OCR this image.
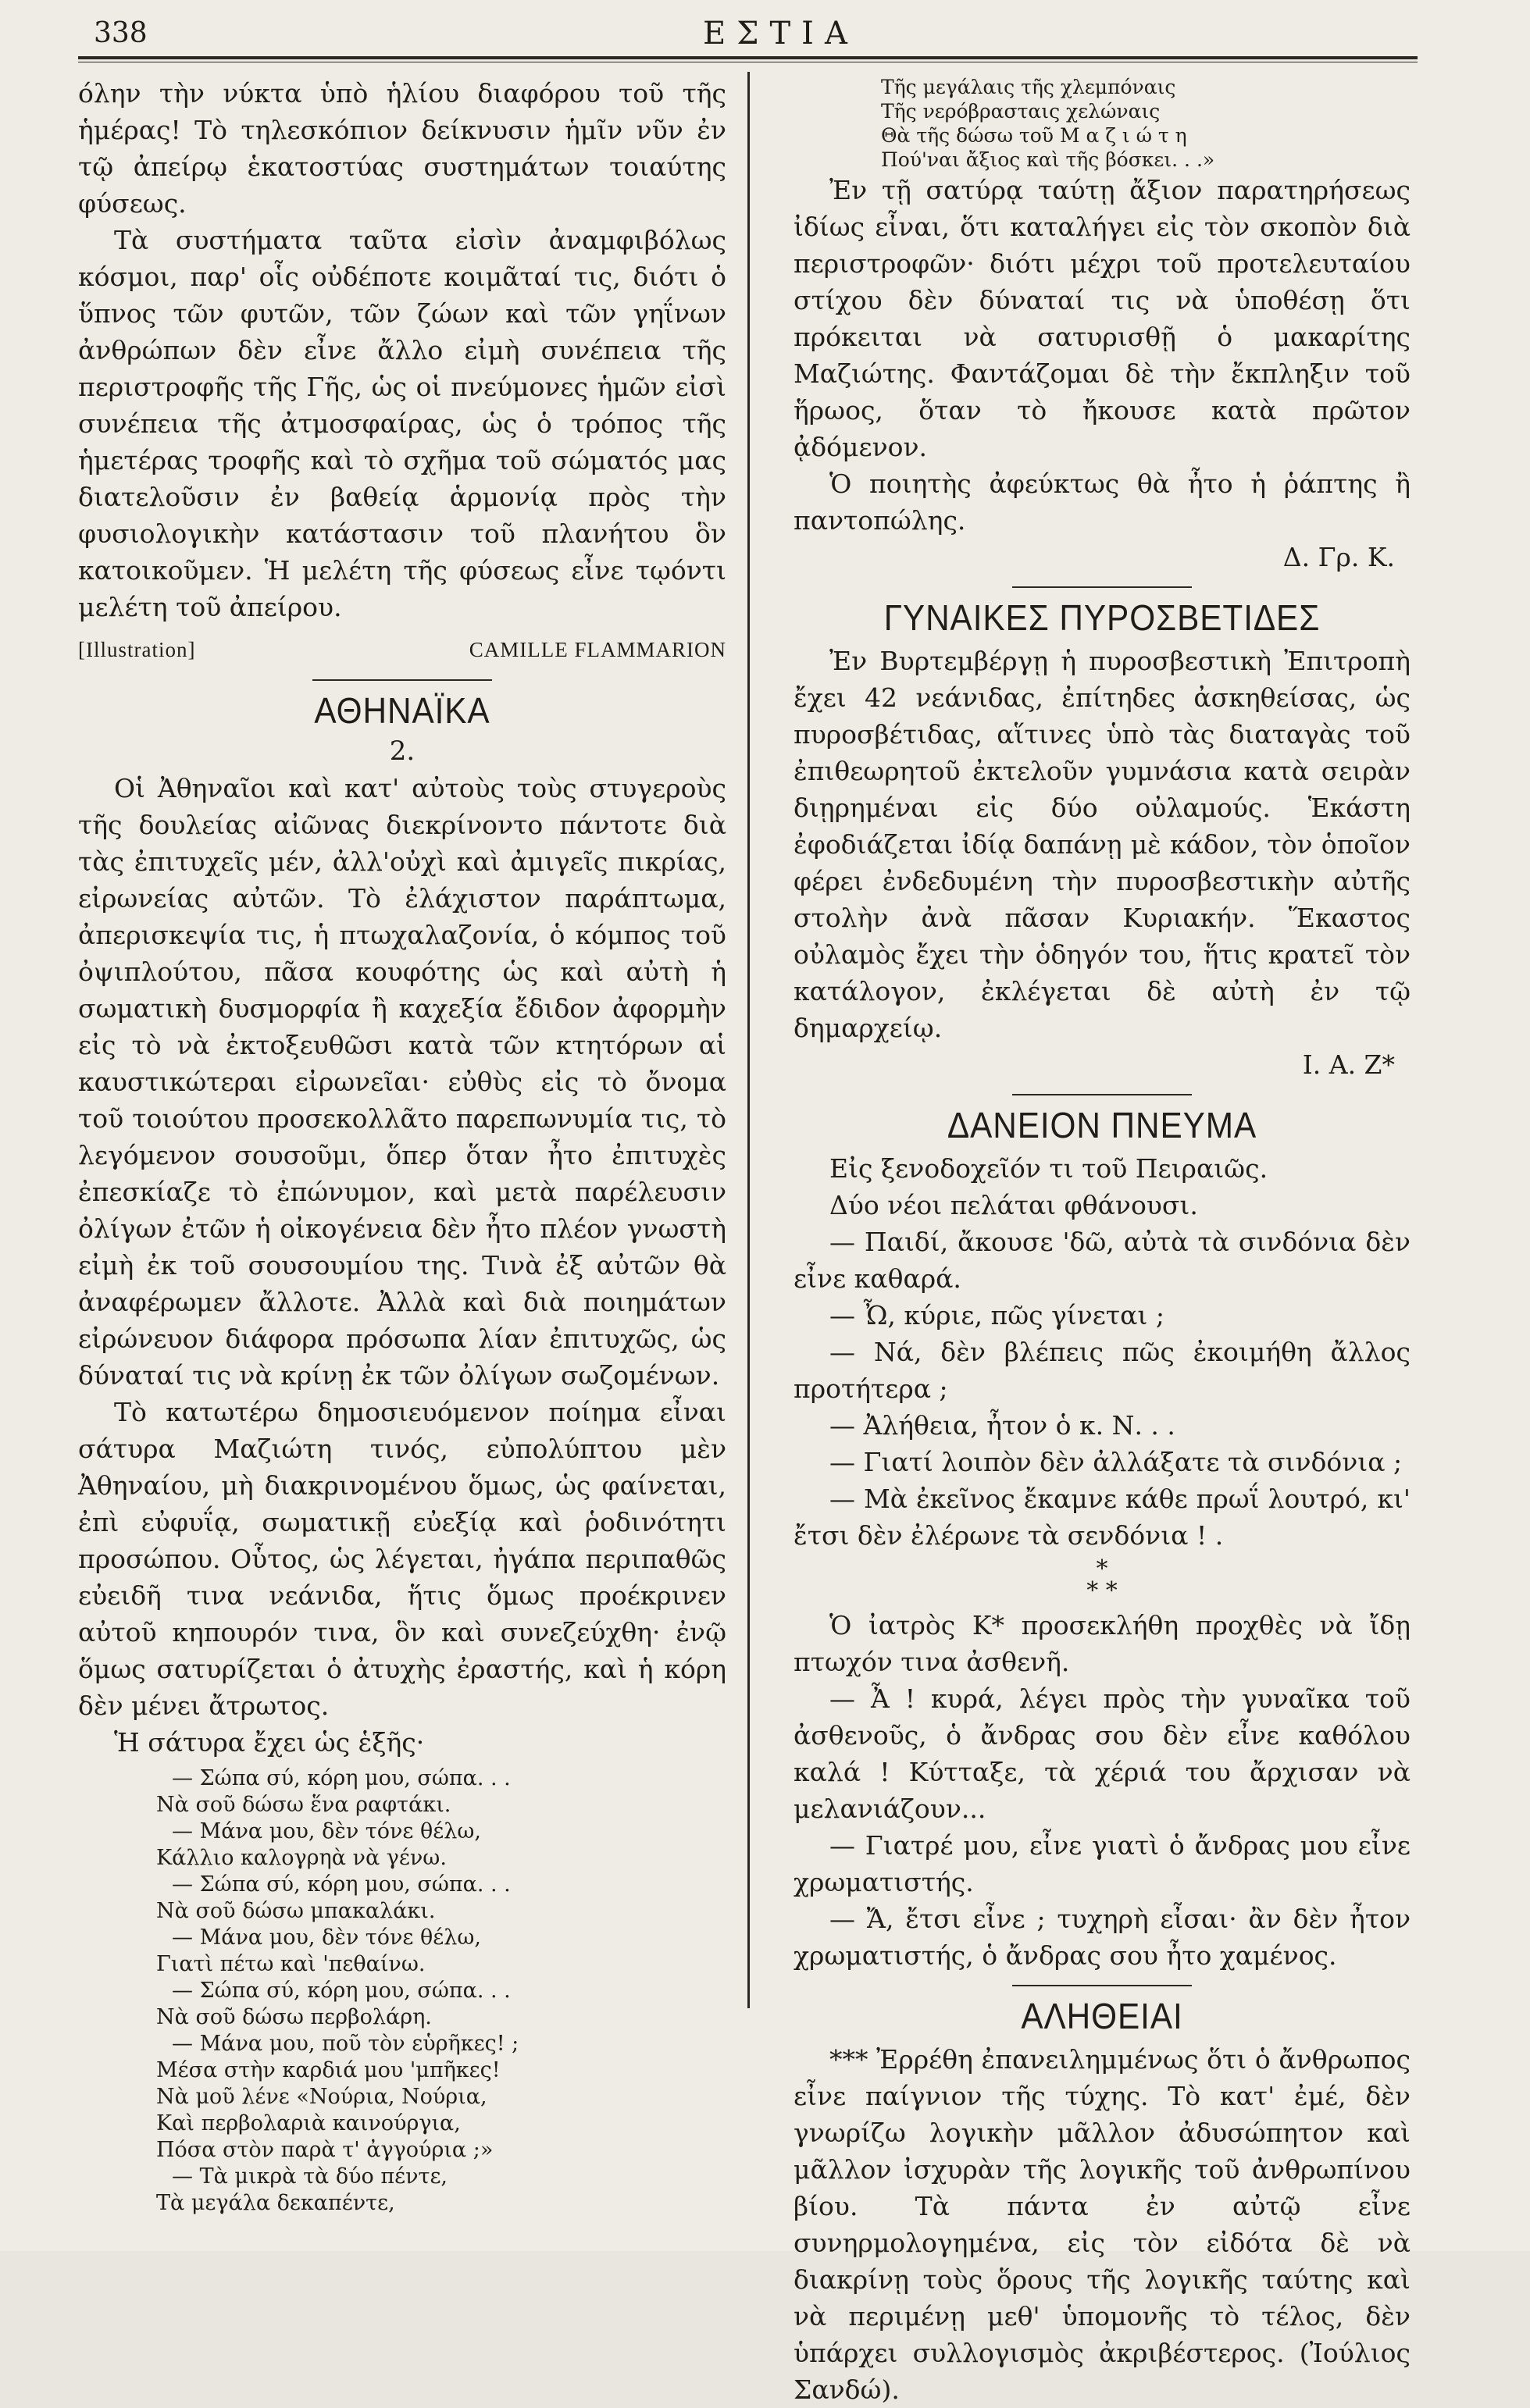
338	ΕΣΤΙΑ

όλην τὴν νύκτα ὑπὸ ἡλίου διαφόρου τοῦ τῆς ἡμέρας! Τὸ τηλεσκόπιον δείκνυσιν ἡμῖν νῦν ἐν τῷ ἀπείρῳ ἑκατοστύας συστημάτων τοιαύτης φύσεως.

Τὰ συστήματα ταῦτα εἰσὶν ἀναμφιβόλως κόσμοι, παρ' οἷς οὐδέποτε κοιμᾶταί τις, διότι ὁ ὕπνος τῶν φυτῶν, τῶν ζώων καὶ τῶν γηΐνων ἀνθρώπων δὲν εἶνε ἄλλο εἰμὴ συνέπεια τῆς περιστροφῆς τῆς Γῆς, ὡς οἱ πνεύμονες ἡμῶν εἰσὶ συνέπεια τῆς ἀτμοσφαίρας, ὡς ὁ τρόπος τῆς ἡμετέρας τροφῆς καὶ τὸ σχῆμα τοῦ σώματός μας διατελοῦσιν ἐν βαθείᾳ ἁρμονίᾳ πρὸς τὴν φυσιολογικὴν κατάστασιν τοῦ πλανήτου ὃν κατοικοῦμεν. Ἡ μελέτη τῆς φύσεως εἶνε τῳόντι μελέτη τοῦ ἀπείρου.

[Illustration]	CAMILLE FLAMMARION
ΑΘΗΝΑΪΚΑ
2.

Οἱ Ἀθηναῖοι καὶ κατ' αὐτοὺς τοὺς στυγεροὺς τῆς δουλείας αἰῶνας διεκρίνοντο πάντοτε διὰ τὰς ἐπιτυχεῖς μέν, ἀλλ'οὐχὶ καὶ ἀμιγεῖς πικρίας, εἰρωνείας αὐτῶν. Τὸ ἐλάχιστον παράπτωμα, ἀπερισκεψία τις, ἡ πτωχαλαζονία, ὁ κόμπος τοῦ ὀψιπλούτου, πᾶσα κουφότης ὡς καὶ αὐτὴ ἡ σωματικὴ δυσμορφία ἢ καχεξία ἔδιδον ἀφορμὴν εἰς τὸ νὰ ἐκτοξευθῶσι κατὰ τῶν κτητόρων αἱ καυστικώτεραι εἰρωνεῖαι· εὐθὺς εἰς τὸ ὄνομα τοῦ τοιούτου προσεκολλᾶτο παρεπωνυμία τις, τὸ λεγόμενον σουσοῦμι, ὅπερ ὅταν ἦτο ἐπιτυχὲς ἐπεσκίαζε τὸ ἐπώνυμον, καὶ μετὰ παρέλευσιν ὀλίγων ἐτῶν ἡ οἰκογένεια δὲν ἦτο πλέον γνωστὴ εἰμὴ ἐκ τοῦ σουσουμίου της. Τινὰ ἐξ αὐτῶν θὰ ἀναφέρωμεν ἄλλοτε. Ἀλλὰ καὶ διὰ ποιημάτων εἰρώνευον διάφορα πρόσωπα λίαν ἐπιτυχῶς, ὡς δύναταί τις νὰ κρίνῃ ἐκ τῶν ὀλίγων σωζομένων.

Τὸ κατωτέρω δημοσιευόμενον ποίημα εἶναι σάτυρα Μαζιώτη τινός, εὐπολύπτου μὲν Ἀθηναίου, μὴ διακρινομένου ὅμως, ὡς φαίνεται, ἐπὶ εὐφυΐᾳ, σωματικῇ εὐεξίᾳ καὶ ῥοδινότητι προσώπου. Οὗτος, ὡς λέγεται, ἠγάπα περιπαθῶς εὐειδῆ τινα νεάνιδα, ἥτις ὅμως προέκρινεν αὐτοῦ κηπουρόν τινα, ὃν καὶ συνεζεύχθη· ἐνῷ ὅμως σατυρίζεται ὁ ἀτυχὴς ἐραστής, καὶ ἡ κόρη δὲν μένει ἄτρωτος.

Ἡ σάτυρα ἔχει ὡς ἑξῆς·

— Σώπα σύ, κόρη μου, σώπα. . .
Νὰ σοῦ δώσω ἕνα ραφτάκι.
— Μάνα μου, δὲν τόνε θέλω,
Κάλλιο καλογρηὰ νὰ γένω.
— Σώπα σύ, κόρη μου, σώπα. . .
Νὰ σοῦ δώσω μπακαλάκι.
— Μάνα μου, δὲν τόνε θέλω,
Γιατὶ πέτω καὶ 'πεθαίνω.
— Σώπα σύ, κόρη μου, σώπα. . .
Νὰ σοῦ δώσω περβολάρη.
— Μάνα μου, ποῦ τὸν εὑρῆκες! ;
Μέσα στὴν καρδιά μου 'μπῆκες!
Νὰ μοῦ λένε «Νούρια, Νούρια,
Καὶ περβολαριὰ καινούργια,
Πόσα στὸν παρὰ τ' ἀγγούρια ;»
— Τὰ μικρὰ τὰ δύο πέντε,
Τὰ μεγάλα δεκαπέντε,
Τῆς μεγάλαις τῆς χλεμπόναις
Τῆς νερόβρασταις χελώναις
Θὰ τῆς δώσω τοῦ Μ α ζ ι ώ τ η
Πού'ναι ἄξιος καὶ τῆς βόσκει. . .»

Ἐν τῇ σατύρᾳ ταύτῃ ἄξιον παρατηρήσεως ἰδίως εἶναι, ὅτι καταλήγει εἰς τὸν σκοπὸν διὰ περιστροφῶν· διότι μέχρι τοῦ προτελευταίου στίχου δὲν δύναταί τις νὰ ὑποθέσῃ ὅτι πρόκειται νὰ σατυρισθῇ ὁ μακαρίτης Μαζιώτης. Φαντάζομαι δὲ τὴν ἔκπληξιν τοῦ ἥρωος, ὅταν τὸ ἤκουσε κατὰ πρῶτον ᾀδόμενον.

Ὁ ποιητὴς ἀφεύκτως θὰ ἦτο ἡ ῥάπτης ἢ παντοπώλης.

Δ. Γρ. Κ.
ΓΥΝΑΙΚΕΣ ΠΥΡΟΣΒΕΤΙΔΕΣ

Ἐν Βυρτεμβέργῃ ἡ πυροσβεστικὴ Ἐπιτροπὴ ἔχει 42 νεάνιδας, ἐπίτηδες ἀσκηθείσας, ὡς πυροσβέτιδας, αἵτινες ὑπὸ τὰς διαταγὰς τοῦ ἐπιθεωρητοῦ ἐκτελοῦν γυμνάσια κατὰ σειρὰν διῃρημέναι εἰς δύο οὐλαμούς. Ἑκάστη ἐφοδιάζεται ἰδίᾳ δαπάνῃ μὲ κάδον, τὸν ὁποῖον φέρει ἐνδεδυμένη τὴν πυροσβεστικὴν αὐτῆς στολὴν ἀνὰ πᾶσαν Κυριακήν. Ἕκαστος οὐλαμὸς ἔχει τὴν ὁδηγόν του, ἥτις κρατεῖ τὸν κατάλογον, ἐκλέγεται δὲ αὐτὴ ἐν τῷ δημαρχείῳ.

I. A. Z*
ΔΑΝΕΙΟΝ ΠΝΕΥΜΑ

Εἰς ξενοδοχεῖόν τι τοῦ Πειραιῶς.

Δύο νέοι πελάται φθάνουσι.

— Παιδί, ἄκουσε 'δῶ, αὐτὰ τὰ σινδόνια δὲν εἶνε καθαρά.

— Ὦ, κύριε, πῶς γίνεται ;

— Νά, δὲν βλέπεις πῶς ἐκοιμήθη ἄλλος προτήτερα ;

— Ἀλήθεια, ἦτον ὁ κ. Ν. . .

— Γιατί λοιπὸν δὲν ἀλλάξατε τὰ σινδόνια ;

— Μὰ ἐκεῖνος ἔκαμνε κάθε πρωΐ λουτρό, κι' ἔτσι δὲν ἐλέρωνε τὰ σενδόνια ! .

*
* *

Ὁ ἰατρὸς Κ* προσεκλήθη προχθὲς νὰ ἴδῃ πτωχόν τινα ἀσθενῆ.

— Ἆ ! κυρά, λέγει πρὸς τὴν γυναῖκα τοῦ ἀσθενοῦς, ὁ ἄνδρας σου δὲν εἶνε καθόλου καλά ! Κύτταξε, τὰ χέριά του ἄρχισαν νὰ μελανιάζουν...

— Γιατρέ μου, εἶνε γιατὶ ὁ ἄνδρας μου εἶνε χρωματιστής.

— Ἄ, ἔτσι εἶνε ; τυχηρὴ εἶσαι· ἂν δὲν ἦτον χρωματιστής, ὁ ἄνδρας σου ἦτο χαμένος.

ΑΛΗΘΕΙΑΙ

*** Ἐρρέθη ἐπανειλημμένως ὅτι ὁ ἄνθρωπος εἶνε παίγνιον τῆς τύχης. Τὸ κατ' ἐμέ, δὲν γνωρίζω λογικὴν μᾶλλον ἀδυσώπητον καὶ μᾶλλον ἰσχυρὰν τῆς λογικῆς τοῦ ἀνθρωπίνου βίου. Τὰ πάντα ἐν αὐτῷ εἶνε συνηρμολογημένα, εἰς τὸν εἰδότα δὲ νὰ διακρίνῃ τοὺς ὅρους τῆς λογικῆς ταύτης καὶ νὰ περιμένῃ μεθ' ὑπομονῆς τὸ τέλος, δὲν ὑπάρχει συλλογισμὸς ἀκριβέστερος. (Ἰούλιος Σανδώ).
